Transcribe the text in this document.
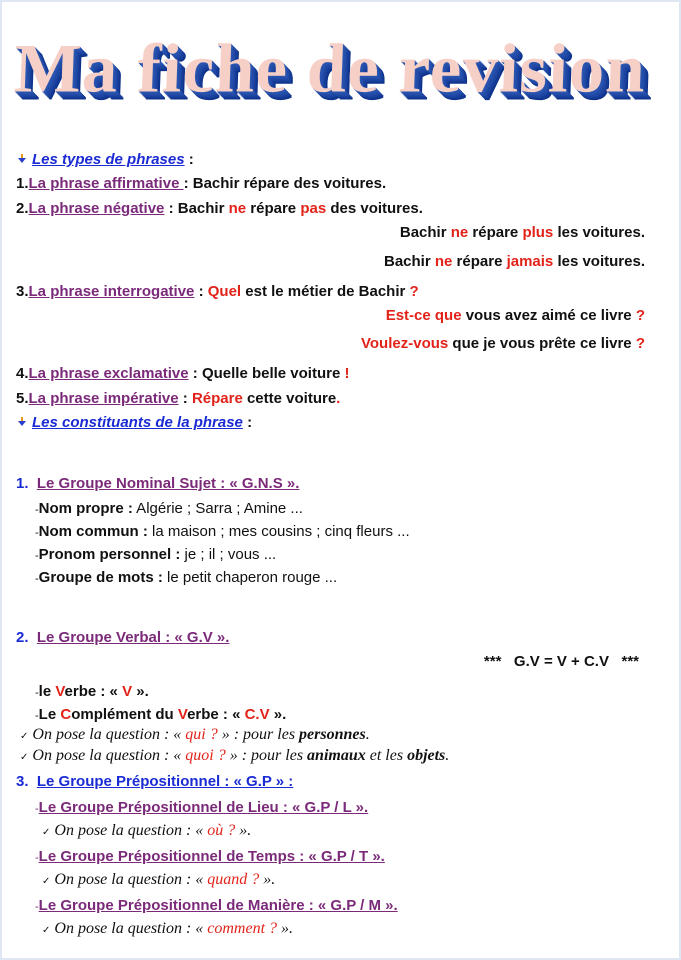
Ma fiche de revision
Les types de phrases :
1.La phrase affirmative : Bachir répare des voitures.
2.La phrase négative : Bachir ne répare pas des voitures.
Bachir ne répare plus les voitures.
Bachir ne répare jamais les voitures.
3.La phrase interrogative : Quel est le métier de Bachir ?
Est-ce que vous avez aimé ce livre ?
Voulez-vous que je vous prête ce livre ?
4.La phrase exclamative : Quelle belle voiture !
5.La phrase impérative : Répare cette voiture.
Les constituants de la phrase :
1. Le Groupe Nominal Sujet : « G.N.S ».
-Nom propre : Algérie ; Sarra ; Amine ...
-Nom commun : la maison ; mes cousins ; cinq fleurs ...
-Pronom personnel : je ; il ; vous ...
-Groupe de mots : le petit chaperon rouge ...
2. Le Groupe Verbal : « G.V ».
***   G.V = V + C.V   ***
-le Verbe : « V ».
-Le Complément du Verbe : « C.V ».
✓ On pose la question : « qui ? » : pour les personnes.
✓ On pose la question : « quoi ? » : pour les animaux et les objets.
3. Le Groupe Prépositionnel : « G.P » :
-Le Groupe Prépositionnel de Lieu : « G.P / L ».
✓ On pose la question : « où ? ».
-Le Groupe Prépositionnel de Temps : « G.P / T ».
✓ On pose la question : « quand ? ».
-Le Groupe Prépositionnel de Manière : « G.P / M ».
✓ On pose la question : « comment ? ».
